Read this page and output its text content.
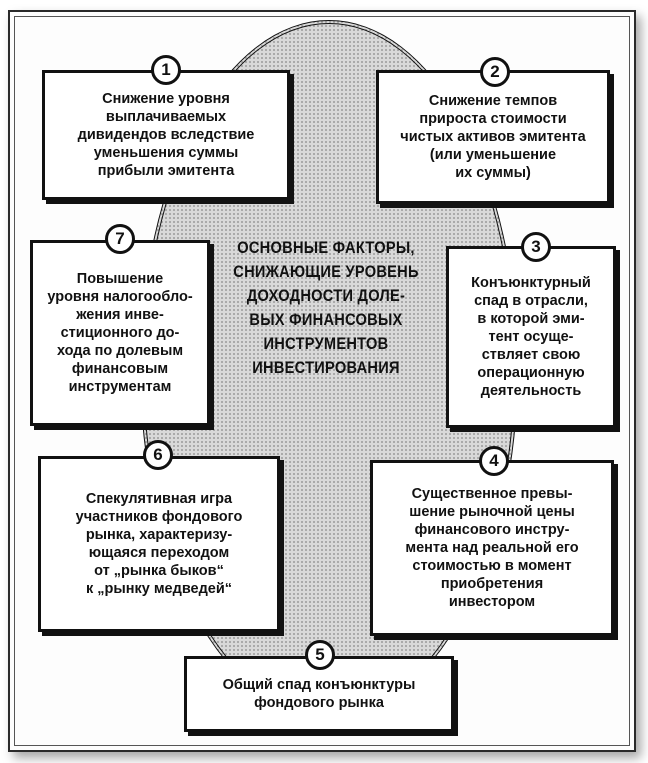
ОСНОВНЫЕ ФАКТОРЫ,
СНИЖАЮЩИЕ УРОВЕНЬ
ДОХОДНОСТИ ДОЛЕ-
ВЫХ ФИНАНСОВЫХ
ИНСТРУМЕНТОВ
ИНВЕСТИРОВАНИЯ

Снижение уровня
выплачиваемых
дивидендов вследствие
уменьшения суммы
прибыли эмитента
Снижение темпов
прироста стоимости
чистых активов эмитента
(или уменьшение
их суммы)
Повышение
уровня налогообло-
жения инве-
стиционного до-
хода по долевым
финансовым
инструментам
Конъюнктурный
спад в отрасли,
в которой эми-
тент осуще-
ствляет свою
операционную
деятельность
Спекулятивная игра
участников фондового
рынка, характеризу-
ющаяся переходом
от „рынка быков“
к „рынку медведей“
Существенное превы-
шение рыночной цены
финансового инстру-
мента над реальной его
стоимостью в момент
приобретения
инвестором
Общий спад конъюнктуры
фондового рынка
1	2
7	3
6	4
5
